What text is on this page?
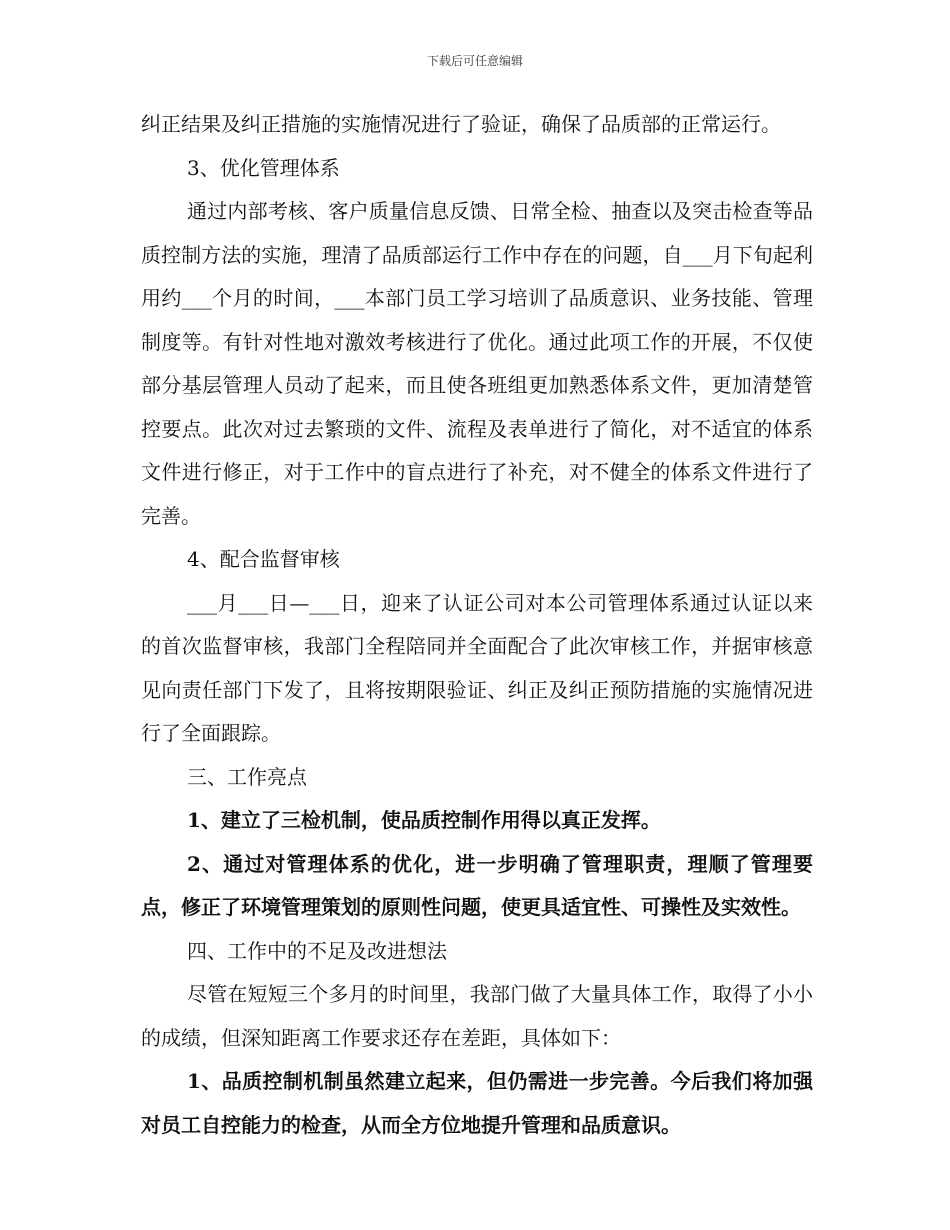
下载后可任意编辑

纠正结果及纠正措施的实施情况进行了验证，确保了品质部的正常运行。

3、优化管理体系

通过内部考核、客户质量信息反馈、日常全检、抽查以及突击检查等品质控制方法的实施，理清了品质部运行工作中存在的问题，自___月下旬起利用约___个月的时间，___本部门员工学习培训了品质意识、业务技能、管理制度等。有针对性地对激效考核进行了优化。通过此项工作的开展，不仅使部分基层管理人员动了起来，而且使各班组更加熟悉体系文件，更加清楚管控要点。此次对过去繁琐的文件、流程及表单进行了简化，对不适宜的体系文件进行修正，对于工作中的盲点进行了补充，对不健全的体系文件进行了完善。

4、配合监督审核

___月___日—___日，迎来了认证公司对本公司管理体系通过认证以来的首次监督审核，我部门全程陪同并全面配合了此次审核工作，并据审核意见向责任部门下发了，且将按期限验证、纠正及纠正预防措施的实施情况进行了全面跟踪。

三、工作亮点

1、建立了三检机制，使品质控制作用得以真正发挥。

2、通过对管理体系的优化，进一步明确了管理职责，理顺了管理要点，修正了环境管理策划的原则性问题，使更具适宜性、可操性及实效性。

四、工作中的不足及改进想法

尽管在短短三个多月的时间里，我部门做了大量具体工作，取得了小小的成绩，但深知距离工作要求还存在差距，具体如下：

1、品质控制机制虽然建立起来，但仍需进一步完善。今后我们将加强对员工自控能力的检查，从而全方位地提升管理和品质意识。
